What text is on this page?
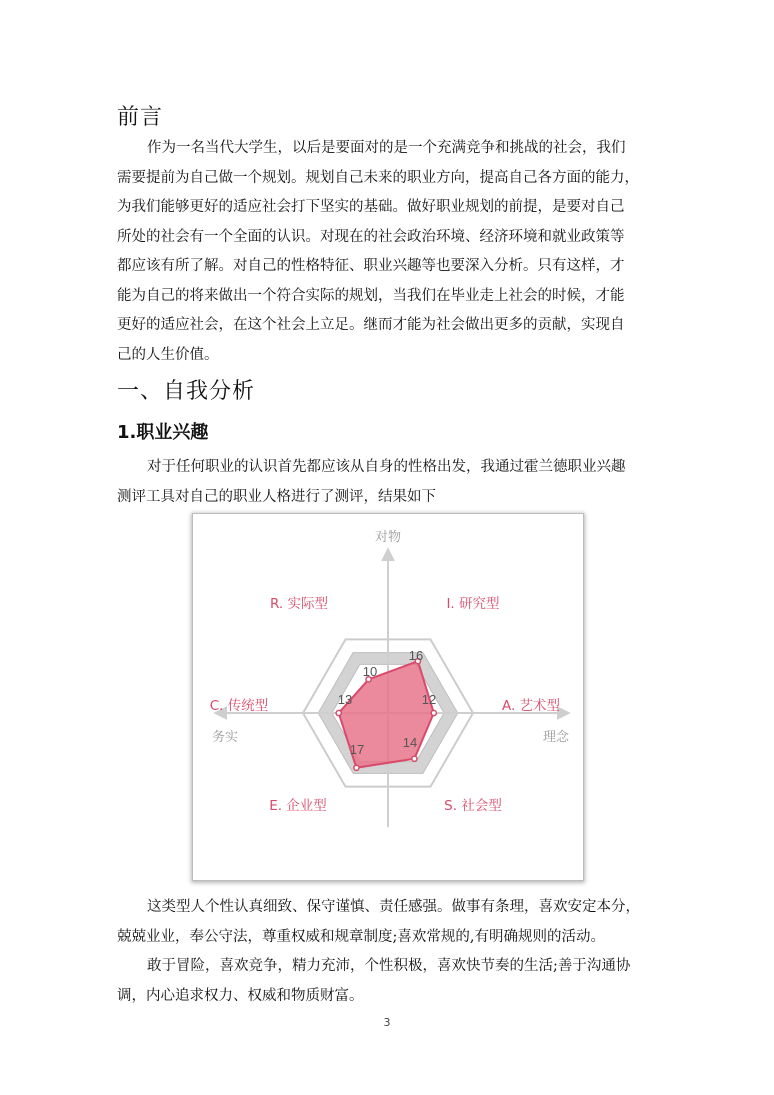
前言
作为一名当代大学生，以后是要面对的是一个充满竞争和挑战的社会，我们
需要提前为自己做一个规划。规划自己未来的职业方向，提高自己各方面的能力，
为我们能够更好的适应社会打下坚实的基础。做好职业规划的前提，是要对自己
所处的社会有一个全面的认识。对现在的社会政治环境、经济环境和就业政策等
都应该有所了解。对自己的性格特征、职业兴趣等也要深入分析。只有这样，才
能为自己的将来做出一个符合实际的规划，当我们在毕业走上社会的时候，才能
更好的适应社会，在这个社会上立足。继而才能为社会做出更多的贡献，实现自
己的人生价值。
一、自我分析
1.职业兴趣
对于任何职业的认识首先都应该从自身的性格出发，我通过霍兰德职业兴趣
测评工具对自己的职业人格进行了测评，结果如下
16
12
14
17
13
10
I. 研究型
A. 艺术型
S. 社会型
E. 企业型
C. 传统型
R. 实际型
对物
务实	理念
这类型人个性认真细致、保守谨慎、责任感强。做事有条理，喜欢安定本分，
兢兢业业，奉公守法，尊重权威和规章制度;喜欢常规的,有明确规则的活动。
敢于冒险，喜欢竞争，精力充沛，个性积极，喜欢快节奏的生活;善于沟通协
调，内心追求权力、权威和物质财富。
3
